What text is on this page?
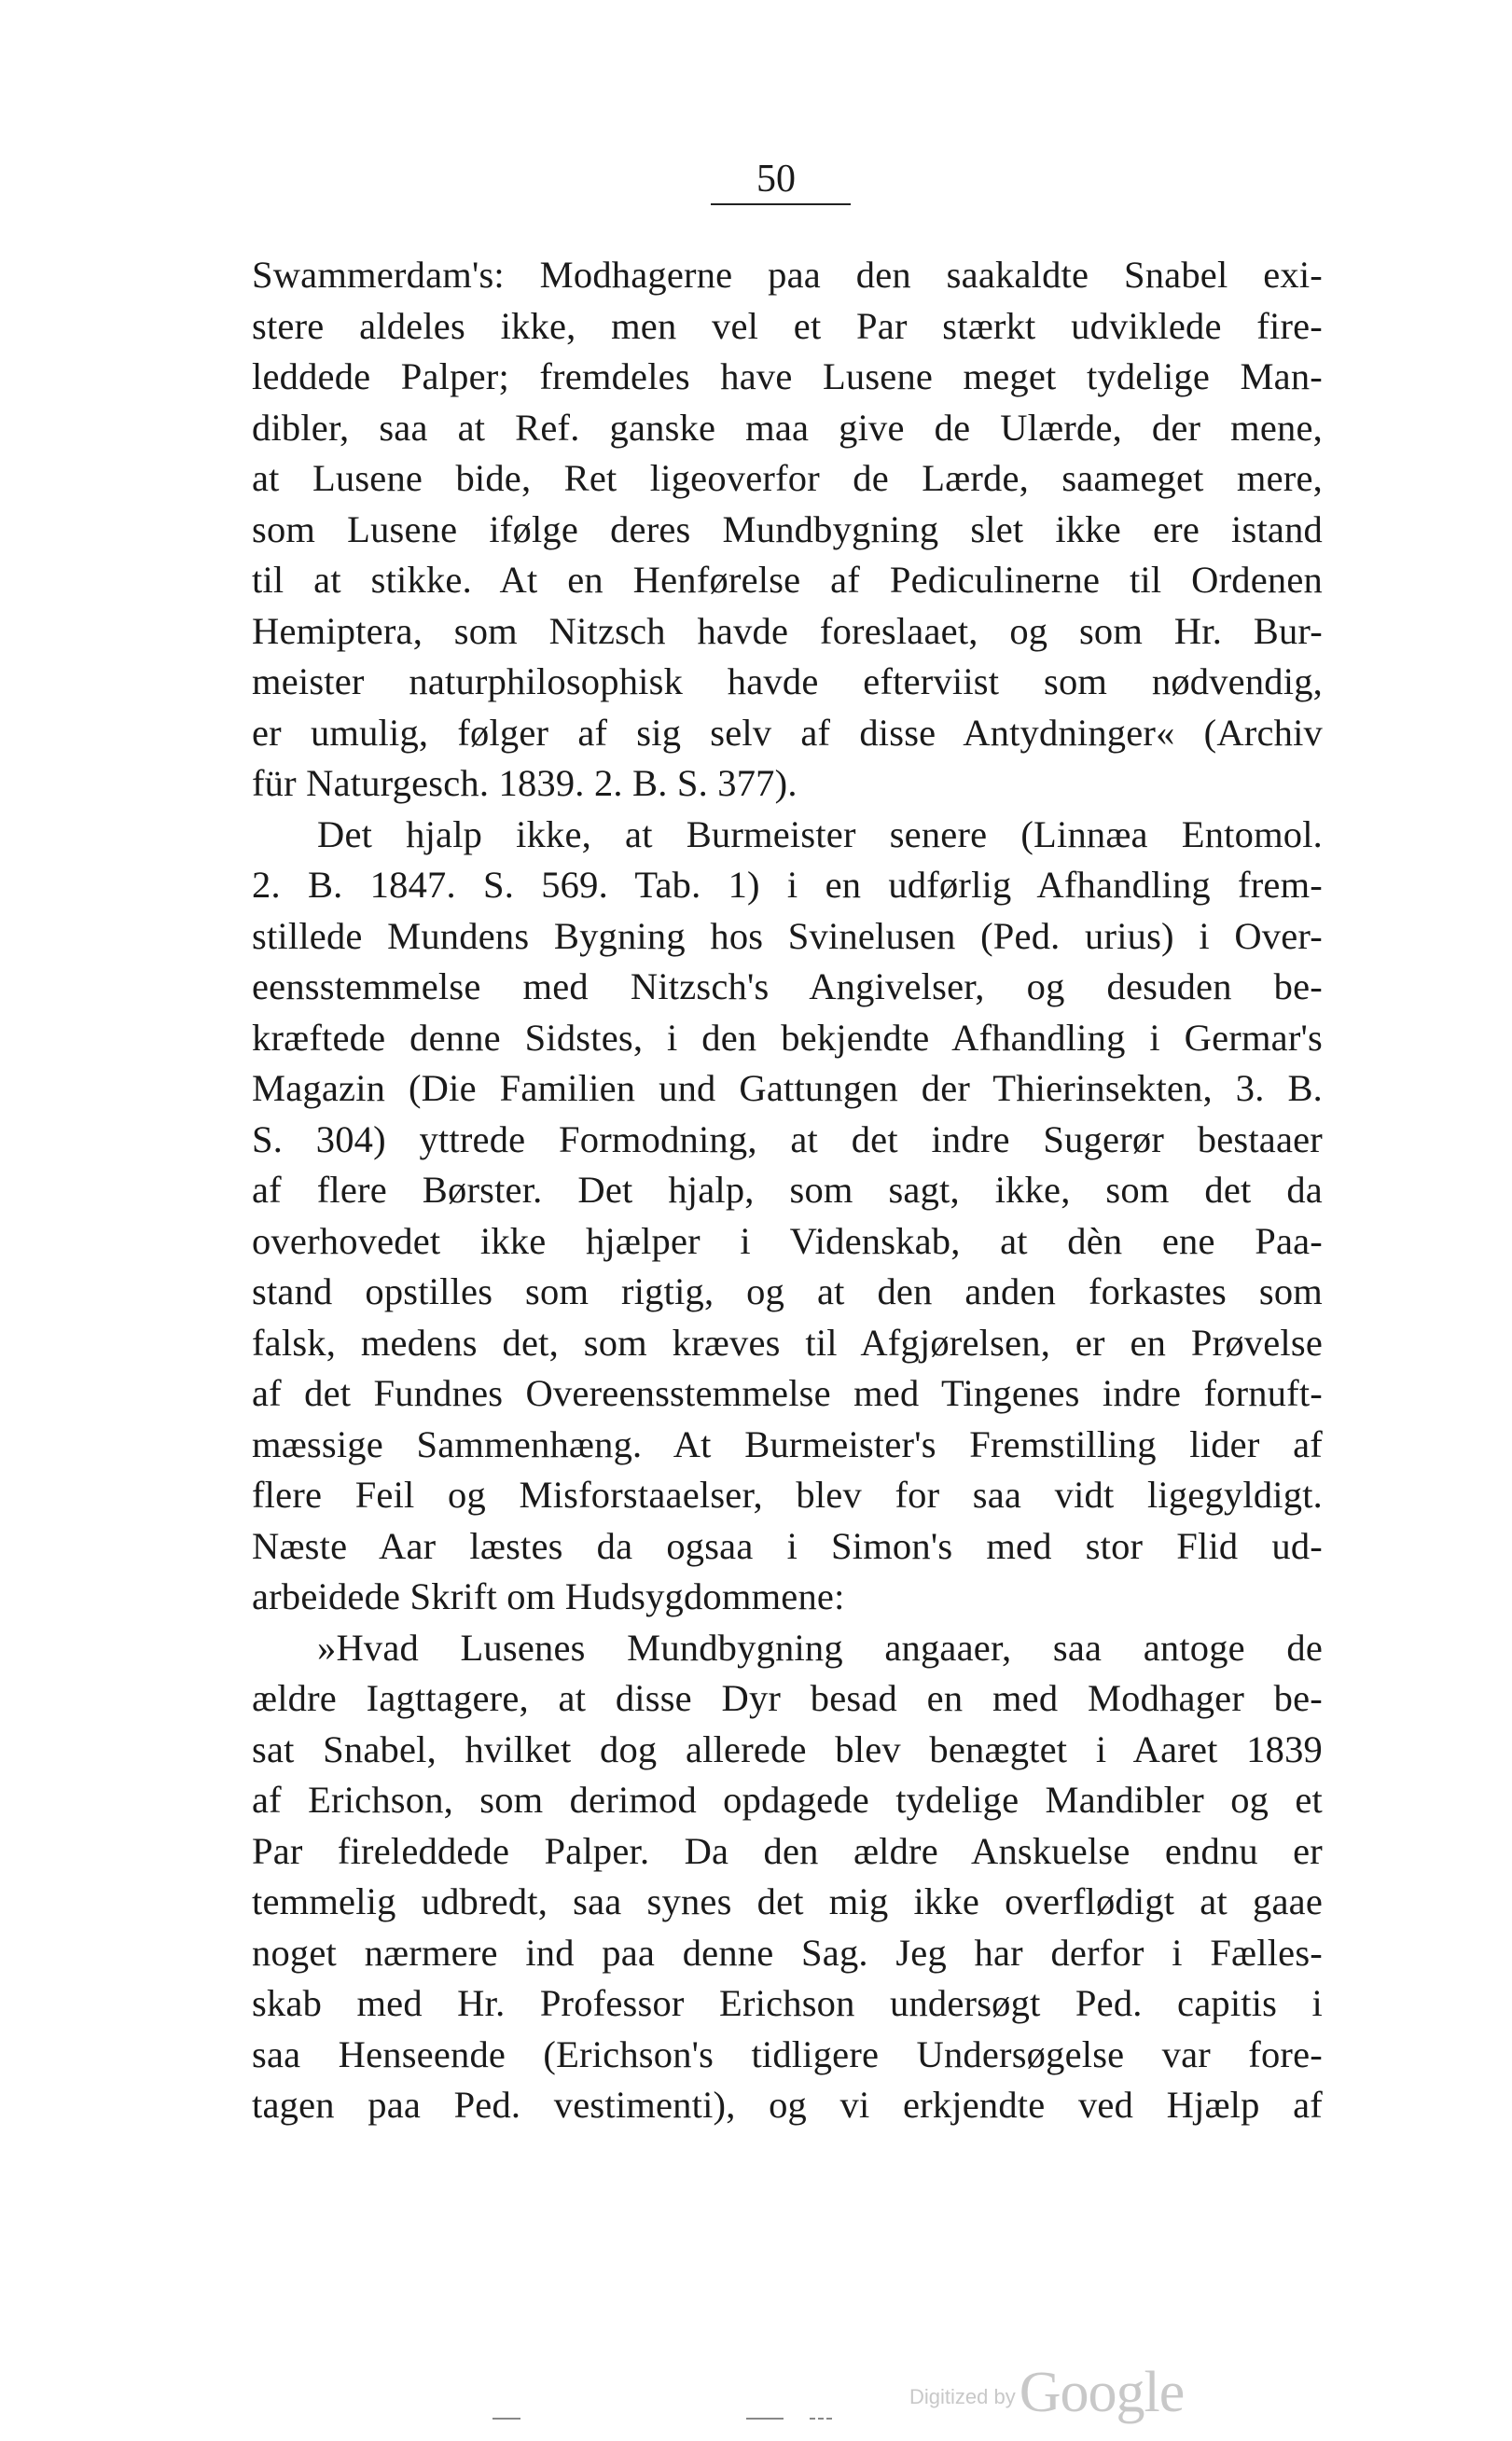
50
Swammerdam's: Modhagerne paa den saakaldte Snabel exi-
stere aldeles ikke, men vel et Par stærkt udviklede fire-
leddede Palper; fremdeles have Lusene meget tydelige Man-
dibler, saa at Ref. ganske maa give de Ulærde, der mene,
at Lusene bide, Ret ligeoverfor de Lærde, saameget mere,
som Lusene ifølge deres Mundbygning slet ikke ere istand
til at stikke. At en Henførelse af Pediculinerne til Ordenen
Hemiptera, som Nitzsch havde foreslaaet, og som Hr. Bur-
meister naturphilosophisk havde efterviist som nødvendig,
er umulig, følger af sig selv af disse Antydninger« (Archiv
für Naturgesch. 1839. 2. B. S. 377).
Det hjalp ikke, at Burmeister senere (Linnæa Entomol.
2. B. 1847. S. 569. Tab. 1) i en udførlig Afhandling frem-
stillede Mundens Bygning hos Svinelusen (Ped. urius) i Over-
eensstemmelse med Nitzsch's Angivelser, og desuden be-
kræftede denne Sidstes, i den bekjendte Afhandling i Germar's
Magazin (Die Familien und Gattungen der Thierinsekten, 3. B.
S. 304) yttrede Formodning, at det indre Sugerør bestaaer
af flere Børster. Det hjalp, som sagt, ikke, som det da
overhovedet ikke hjælper i Videnskab, at dèn ene Paa-
stand opstilles som rigtig, og at den anden forkastes som
falsk, medens det, som kræves til Afgjørelsen, er en Prøvelse
af det Fundnes Overeensstemmelse med Tingenes indre fornuft-
mæssige Sammenhæng. At Burmeister's Fremstilling lider af
flere Feil og Misforstaaelser, blev for saa vidt ligegyldigt.
Næste Aar læstes da ogsaa i Simon's med stor Flid ud-
arbeidede Skrift om Hudsygdommene:
»Hvad Lusenes Mundbygning angaaer, saa antoge de
ældre Iagttagere, at disse Dyr besad en med Modhager be-
sat Snabel, hvilket dog allerede blev benægtet i Aaret 1839
af Erichson, som derimod opdagede tydelige Mandibler og et
Par fireleddede Palper. Da den ældre Anskuelse endnu er
temmelig udbredt, saa synes det mig ikke overflødigt at gaae
noget nærmere ind paa denne Sag. Jeg har derfor i Fælles-
skab med Hr. Professor Erichson undersøgt Ped. capitis i
saa Henseende (Erichson's tidligere Undersøgelse var fore-
tagen paa Ped. vestimenti), og vi erkjendte ved Hjælp af
Digitized by Google
